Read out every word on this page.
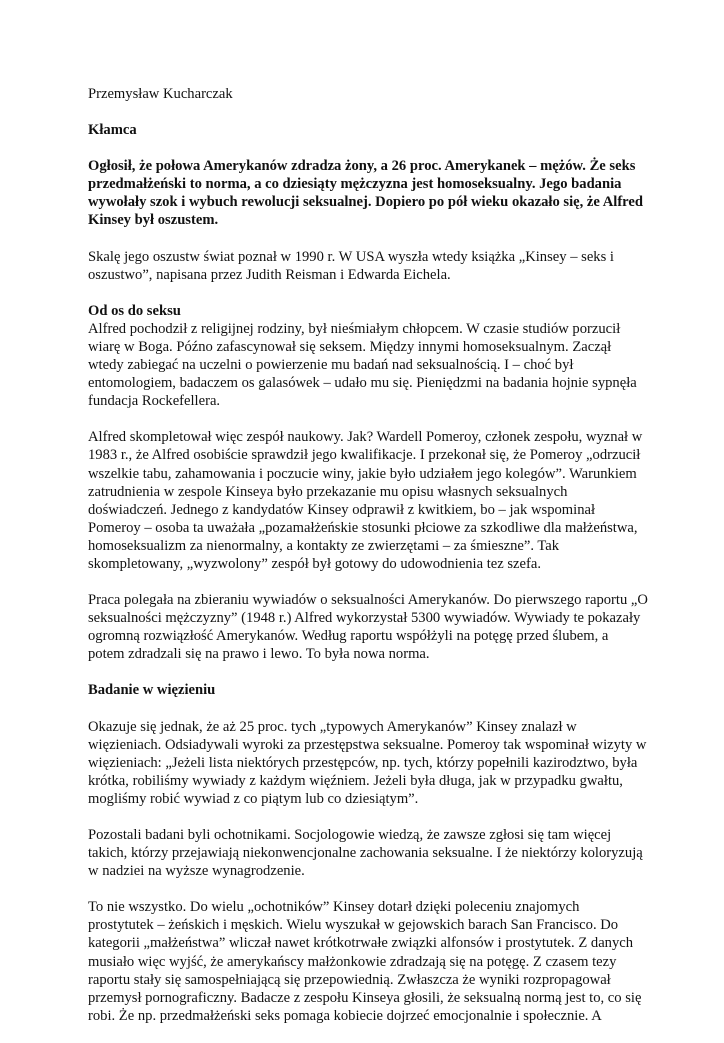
Przemysław Kucharczak

Kłamca

Ogłosił, że połowa Amerykanów zdradza żony, a 26 proc. Amerykanek – mężów. Że seks przedmałżeński to norma, a co dziesiąty mężczyzna jest homoseksualny. Jego badania wywołały szok i wybuch rewolucji seksualnej. Dopiero po pół wieku okazało się, że Alfred Kinsey był oszustem.

Skalę jego oszustw świat poznał w 1990 r. W USA wyszła wtedy książka „Kinsey – seks i oszustwo”, napisana przez Judith Reisman i Edwarda Eichela.

Od os do seksu

Alfred pochodził z religijnej rodziny, był nieśmiałym chłopcem. W czasie studiów porzucił wiarę w Boga. Późno zafascynował się seksem. Między innymi homoseksualnym. Zaczął wtedy zabiegać na uczelni o powierzenie mu badań nad seksualnością. I – choć był entomologiem, badaczem os galasówek – udało mu się. Pieniędzmi na badania hojnie sypnęła fundacja Rockefellera.

Alfred skompletował więc zespół naukowy. Jak? Wardell Pomeroy, członek zespołu, wyznał w 1983 r., że Alfred osobiście sprawdził jego kwalifikacje. I przekonał się, że Pomeroy „odrzucił wszelkie tabu, zahamowania i poczucie winy, jakie było udziałem jego kolegów”. Warunkiem zatrudnienia w zespole Kinseya było przekazanie mu opisu własnych seksualnych doświadczeń. Jednego z kandydatów Kinsey odprawił z kwitkiem, bo – jak wspominał Pomeroy – osoba ta uważała „pozamałżeńskie stosunki płciowe za szkodliwe dla małżeństwa, homoseksualizm za nienormalny, a kontakty ze zwierzętami – za śmieszne”. Tak skompletowany, „wyzwolony” zespół był gotowy do udowodnienia tez szefa.

Praca polegała na zbieraniu wywiadów o seksualności Amerykanów. Do pierwszego raportu „O seksualności mężczyzny” (1948 r.) Alfred wykorzystał 5300 wywiadów. Wywiady te pokazały ogromną rozwiązłość Amerykanów. Według raportu współżyli na potęgę przed ślubem, a potem zdradzali się na prawo i lewo. To była nowa norma.

Badanie w więzieniu

Okazuje się jednak, że aż 25 proc. tych „typowych Amerykanów” Kinsey znalazł w więzieniach. Odsiadywali wyroki za przestępstwa seksualne. Pomeroy tak wspominał wizyty w więzieniach: „Jeżeli lista niektórych przestępców, np. tych, którzy popełnili kazirodztwo, była krótka, robiliśmy wywiady z każdym więźniem. Jeżeli była długa, jak w przypadku gwałtu, mogliśmy robić wywiad z co piątym lub co dziesiątym”.

Pozostali badani byli ochotnikami. Socjologowie wiedzą, że zawsze zgłosi się tam więcej takich, którzy przejawiają niekonwencjonalne zachowania seksualne. I że niektórzy koloryzują w nadziei na wyższe wynagrodzenie.

To nie wszystko. Do wielu „ochotników” Kinsey dotarł dzięki poleceniu znajomych prostytutek – żeńskich i męskich. Wielu wyszukał w gejowskich barach San Francisco. Do kategorii „małżeństwa” wliczał nawet krótkotrwałe związki alfonsów i prostytutek. Z danych musiało więc wyjść, że amerykańscy małżonkowie zdradzają się na potęgę. Z czasem tezy raportu stały się samospełniającą się przepowiednią. Zwłaszcza że wyniki rozpropagował przemysł pornograficzny. Badacze z zespołu Kinseya głosili, że seksualną normą jest to, co się robi. Że np. przedmałżeński seks pomaga kobiecie dojrzeć emocjonalnie i społecznie. A
